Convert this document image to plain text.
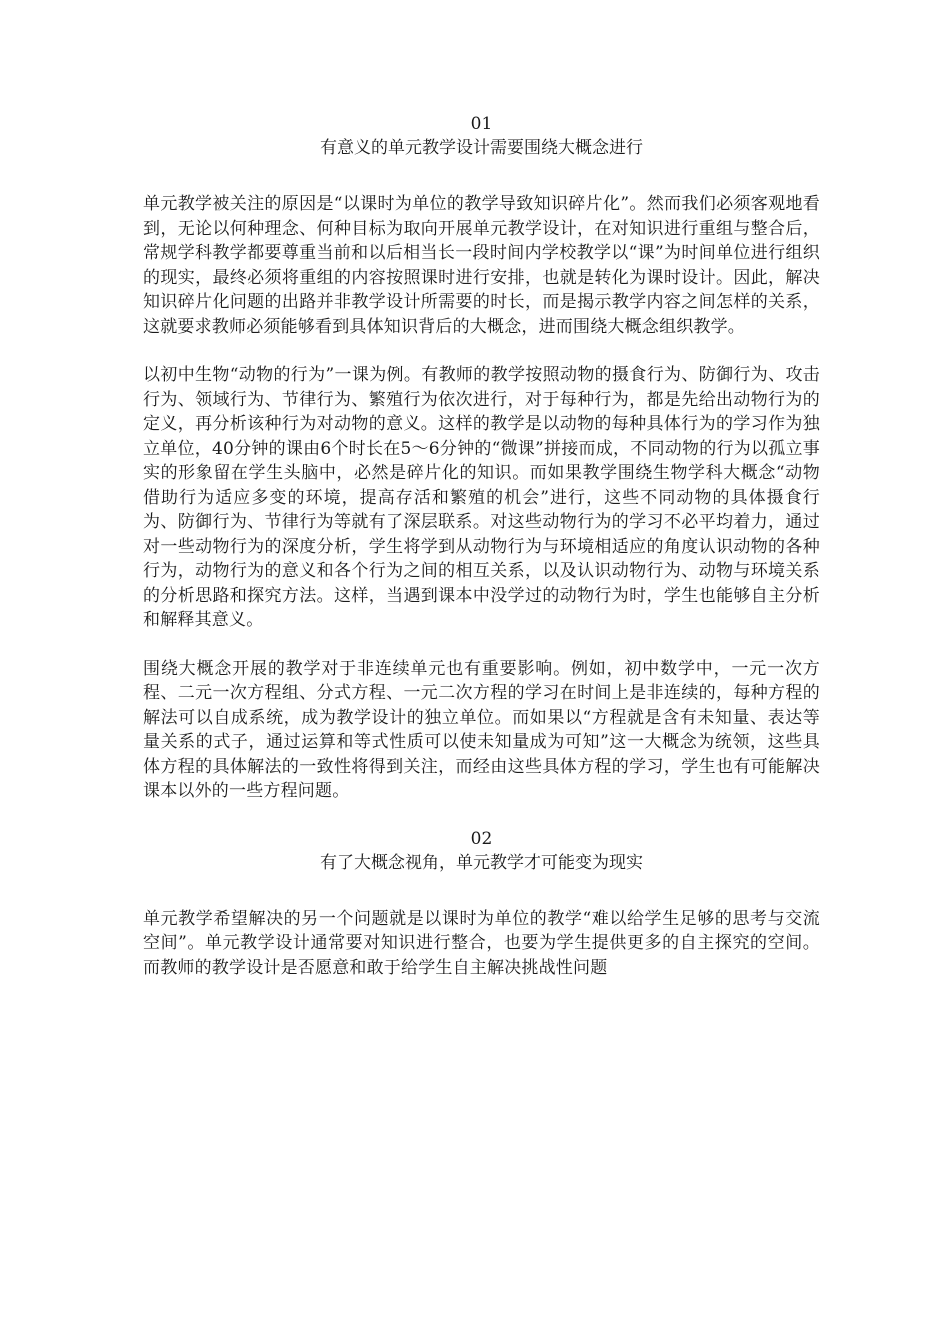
01
有意义的单元教学设计需要围绕大概念进行

单元教学被关注的原因是“以课时为单位的教学导致知识碎片化”。然而我们必须客观地看到，无论以何种理念、何种目标为取向开展单元教学设计，在对知识进行重组与整合后，常规学科教学都要尊重当前和以后相当长一段时间内学校教学以“课”为时间单位进行组织的现实，最终必须将重组的内容按照课时进行安排，也就是转化为课时设计。因此，解决知识碎片化问题的出路并非教学设计所需要的时长，而是揭示教学内容之间怎样的关系，这就要求教师必须能够看到具体知识背后的大概念，进而围绕大概念组织教学。

以初中生物“动物的行为”一课为例。有教师的教学按照动物的摄食行为、防御行为、攻击行为、领域行为、节律行为、繁殖行为依次进行，对于每种行为，都是先给出动物行为的定义，再分析该种行为对动物的意义。这样的教学是以动物的每种具体行为的学习作为独立单位，40分钟的课由6个时长在5～6分钟的“微课”拼接而成，不同动物的行为以孤立事实的形象留在学生头脑中，必然是碎片化的知识。而如果教学围绕生物学科大概念“动物借助行为适应多变的环境，提高存活和繁殖的机会”进行，这些不同动物的具体摄食行为、防御行为、节律行为等就有了深层联系。对这些动物行为的学习不必平均着力，通过对一些动物行为的深度分析，学生将学到从动物行为与环境相适应的角度认识动物的各种行为，动物行为的意义和各个行为之间的相互关系，以及认识动物行为、动物与环境关系的分析思路和探究方法。这样，当遇到课本中没学过的动物行为时，学生也能够自主分析和解释其意义。

围绕大概念开展的教学对于非连续单元也有重要影响。例如，初中数学中，一元一次方程、二元一次方程组、分式方程、一元二次方程的学习在时间上是非连续的，每种方程的解法可以自成系统，成为教学设计的独立单位。而如果以“方程就是含有未知量、表达等量关系的式子，通过运算和等式性质可以使未知量成为可知”这一大概念为统领，这些具体方程的具体解法的一致性将得到关注，而经由这些具体方程的学习，学生也有可能解决课本以外的一些方程问题。

02
有了大概念视角，单元教学才可能变为现实

单元教学希望解决的另一个问题就是以课时为单位的教学“难以给学生足够的思考与交流空间”。单元教学设计通常要对知识进行整合，也要为学生提供更多的自主探究的空间。而教师的教学设计是否愿意和敢于给学生自主解决挑战性问题
